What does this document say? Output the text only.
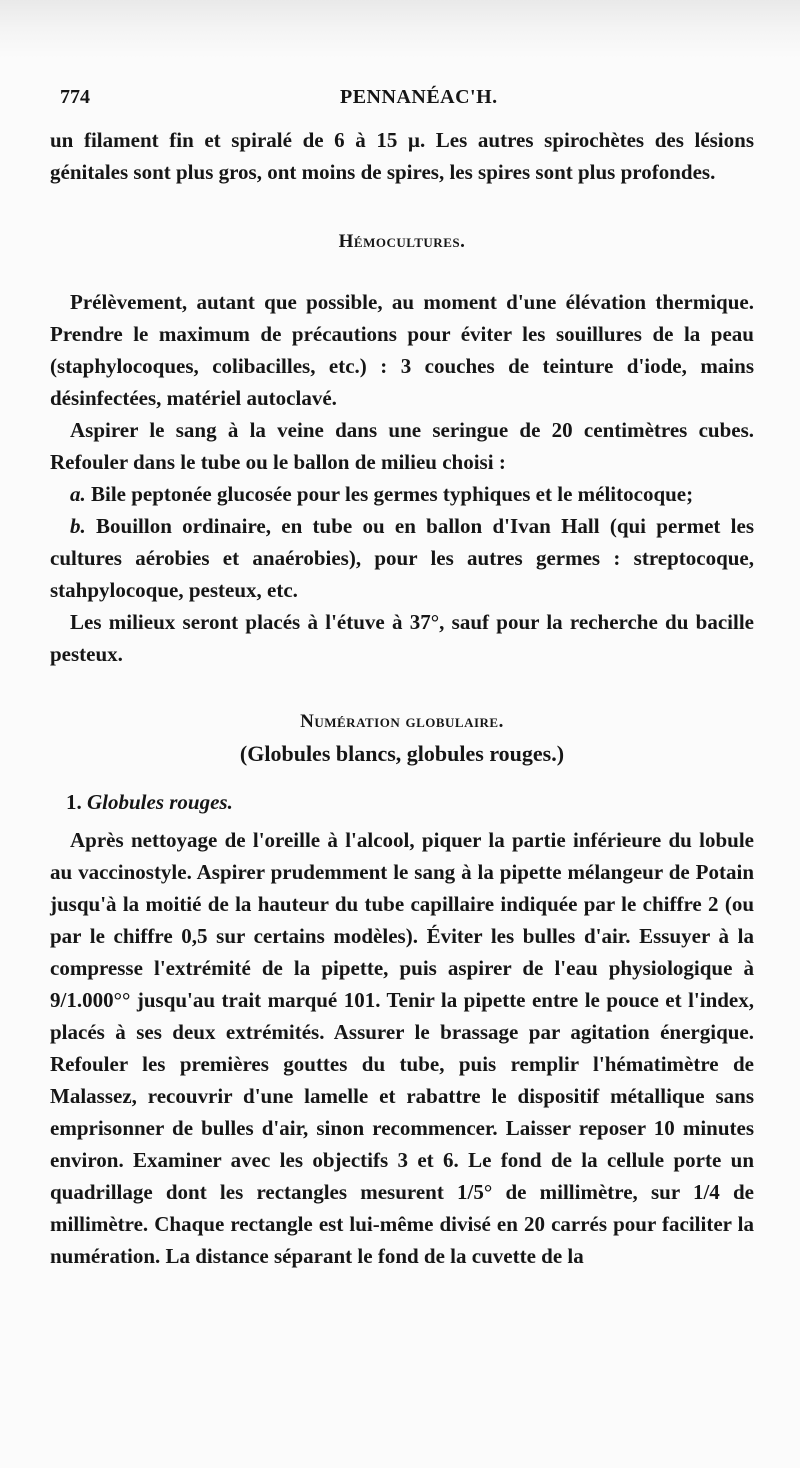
774	PENNANÉAC'H.

un filament fin et spiralé de 6 à 15 μ. Les autres spirochètes des lésions génitales sont plus gros, ont moins de spires, les spires sont plus profondes.

Hémocultures.

Prélèvement, autant que possible, au moment d'une élévation thermique. Prendre le maximum de précautions pour éviter les souillures de la peau (staphylocoques, colibacilles, etc.) : 3 couches de teinture d'iode, mains désinfectées, matériel autoclavé.

Aspirer le sang à la veine dans une seringue de 20 centimètres cubes. Refouler dans le tube ou le ballon de milieu choisi :

a. Bile peptonée glucosée pour les germes typhiques et le mélitocoque;

b. Bouillon ordinaire, en tube ou en ballon d'Ivan Hall (qui permet les cultures aérobies et anaérobies), pour les autres germes : streptocoque, stahpylocoque, pesteux, etc.

Les milieux seront placés à l'étuve à 37°, sauf pour la recherche du bacille pesteux.

Numération globulaire.
(Globules blancs, globules rouges.)
1. Globules rouges.

Après nettoyage de l'oreille à l'alcool, piquer la partie inférieure du lobule au vaccinostyle. Aspirer prudemment le sang à la pipette mélangeur de Potain jusqu'à la moitié de la hauteur du tube capillaire indiquée par le chiffre 2 (ou par le chiffre 0,5 sur certains modèles). Éviter les bulles d'air. Essuyer à la compresse l'extrémité de la pipette, puis aspirer de l'eau physiologique à 9/1.000°° jusqu'au trait marqué 101. Tenir la pipette entre le pouce et l'index, placés à ses deux extrémités. Assurer le brassage par agitation énergique. Refouler les premières gouttes du tube, puis remplir l'hématimètre de Malassez, recouvrir d'une lamelle et rabattre le dispositif métallique sans emprisonner de bulles d'air, sinon recommencer. Laisser reposer 10 minutes environ. Examiner avec les objectifs 3 et 6. Le fond de la cellule porte un quadrillage dont les rectangles mesurent 1/5° de millimètre, sur 1/4 de millimètre. Chaque rectangle est lui-même divisé en 20 carrés pour faciliter la numération. La distance séparant le fond de la cuvette de la
